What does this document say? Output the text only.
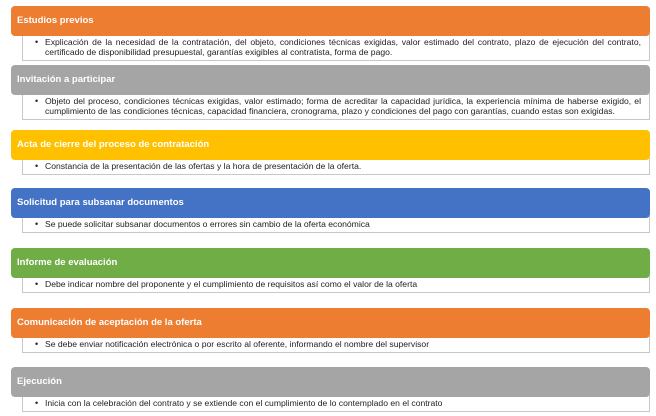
Estudios previos
• Explicación de la necesidad de la contratación, del objeto, condiciones técnicas exigidas, valor estimado del contrato, plazo de ejecución del contrato, certificado de disponibilidad presupuestal, garantías exigibles al contratista, forma de pago.
Invitación a participar
• Objeto del proceso, condiciones técnicas exigidas, valor estimado; forma de acreditar la capacidad jurídica, la experiencia mínima de haberse exigido, el cumplimiento de las condiciones técnicas, capacidad financiera, cronograma, plazo y condiciones del pago con garantías, cuando estas son exigidas.
Acta de cierre del proceso de contratación
• Constancia de la presentación de las ofertas y la hora de presentación de la oferta.
Solicitud para subsanar documentos
• Se puede solicitar subsanar documentos o errores sin cambio de la oferta económica
Informe de evaluación
• Debe indicar nombre del proponente y el cumplimiento de requisitos así como el valor de la oferta
Comunicación de aceptación de la oferta
• Se debe enviar notificación electrónica o por escrito al oferente, informando el nombre del supervisor
Ejecución
• Inicia con la celebración del contrato y se extiende con el cumplimiento de lo contemplado en el contrato
